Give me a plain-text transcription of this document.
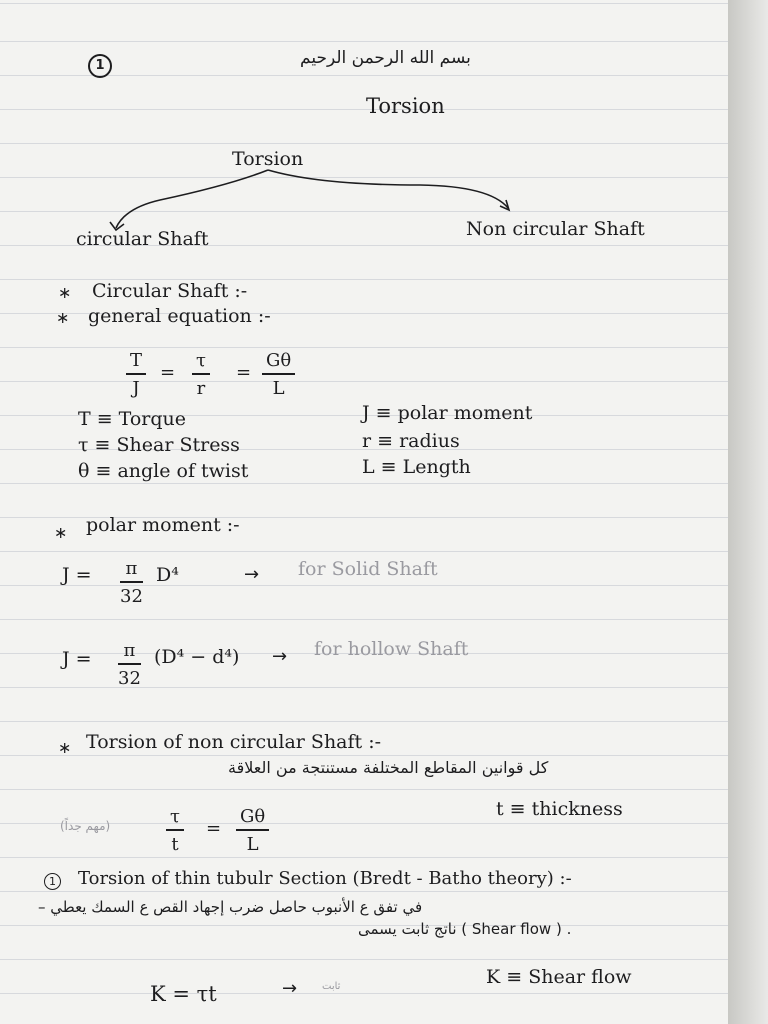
1	بسم الله الرحمن الرحيم
Torsion
Torsion
circular Shaft	Non circular Shaft
∗ Circular Shaft :-
∗ general equation :-
T
J
=
τ
r
=
Gθ
L
T ≡ Torque
τ ≡ Shear Stress
θ ≡ angle of twist
J ≡ polar moment
r ≡ radius
L ≡ Length
∗ polar moment :-
J =	π
32
D⁴	→ for Solid Shaft
J =	π
32
(D⁴ − d⁴) → for hollow Shaft
∗ Torsion of non circular Shaft :-
كل قوانين المقاطع المختلفة مستنتجة من العلاقة
(مهم جداً)	τ
t
=
Gθ
L
t ≡ thickness
1 Torsion of thin tubulr Section (Bredt - Batho theory) :-
في تفق ع الأنبوب حاصل ضرب إجهاد القص ع السمك يعطي –
. ( Shear flow ) ناتج ثابت يسمى
K = τt	→ ثابت	K ≡ Shear flow
